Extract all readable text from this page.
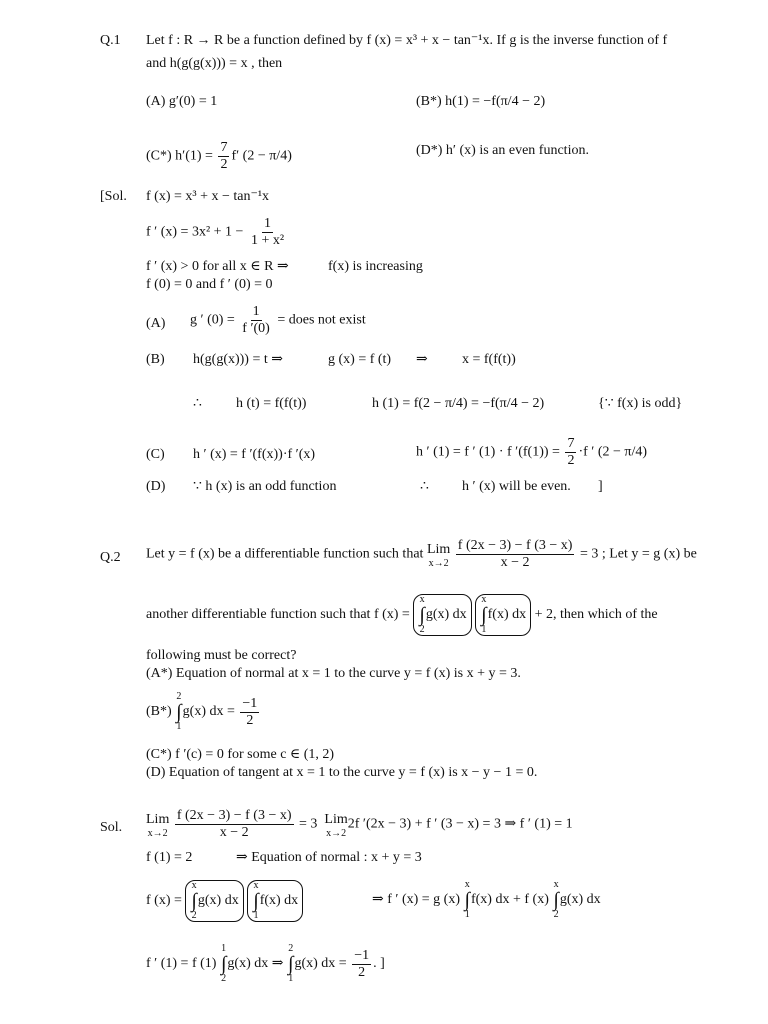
Q.1 Let f : R → R be a function defined by f (x) = x³ + x − tan⁻¹x. If g is the inverse function of f
and h(g(g(x))) = x , then
(A) g′(0) = 1	(B*) h(1) = −f(π/4 − 2)
(C*) $h'(1) = \frac{7}{2} f'$ (2 − π/4)	(D*) h′ (x) is an even function.
[Sol. f (x) = x³ + x − tan⁻¹x
f ′ $(x) = 3x^2 + 1 - \frac{1}{\text{1 + x²}}$
f ′ (x) > 0 for all x ∈ R ⇒	f(x) is increasing
f (0) = 0 and f ′ (0) = 0
(A) g ′ $(0) = \frac{1}{f '(0)}$ = does not exist
(B) h(g(g(x))) = t ⇒	g (x) = f (t) ⇒ x = f(f(t))
∴ h (t) = f(f(t))	h (1) = f(2 − π/4) = −f(π/4 − 2)	{∵ f(x) is odd}
(C) h ′ (x) = f ′(f(x))·f ′(x)	h ′ (1) = f ′ (1) · f $'(f(1)) = \frac{7}{2} \cdot f$ ′ (2 − π/4)
(D) ∵ h (x) is an odd function	∴ h ′ (x) will be even. ]
Q.2 Let y = f (x) be a differentiable function such that Lim
x→2
$\frac{f (2x - 3) - f (3 - x)}{x - 2} = 3$ ; Let y = g (x) be
another differentiable function such that f (x) =
x
∫
2
g(x) dx
x
∫
1
f(x) dx + 2, then which of the
following must be correct?
(A*) Equation of normal at x = 1 to the curve y = f (x) is x + y = 3.
(B*)
2
∫
1
g(x) dx = $\frac{-1}{2}$
(C*) f ′(c) = 0 for some c ∈ (1, 2)
(D) Equation of tangent at x = 1 to the curve y = f (x) is x − y − 1 = 0.
Sol.
Lim
x→2
$\frac{f (2x - 3) - f (3 - x)}{x - 2} = 3$ Lim
x→2
2f ′(2x − 3) + f ′ (3 − x) = 3 ⇒ f ′ (1) = 1
f (1) = 2	⇒ Equation of normal : x + y = 3
f (x) =
x
∫
2
g(x) dx
x
∫
1
f(x) dx	⇒ f ′ (x) = g (x)
x
∫
1
f(x) dx + f (x)
x
∫
2
g(x) dx
f ′ (1) = f (1)
1
∫
2
g(x) dx ⇒
2
∫
1
g(x) dx = $\frac{-1}{2}$ . ]
